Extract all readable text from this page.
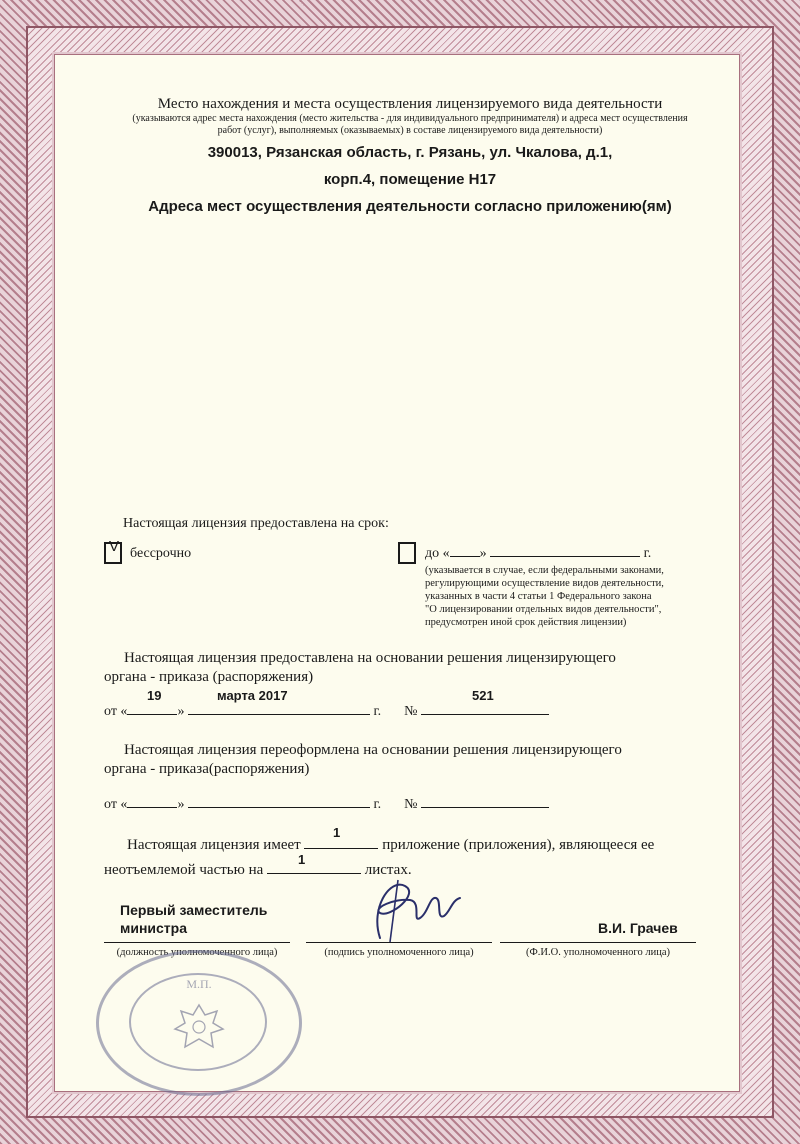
Место нахождения и места осуществления лицензируемого вида деятельности
(указываются адрес места нахождения (место жительства - для индивидуального предпринимателя) и адреса мест осуществления
работ (услуг), выполняемых (оказываемых) в составе лицензируемого вида деятельности)
390013, Рязанская область, г. Рязань, ул. Чкалова, д.1,
корп.4, помещение Н17
Адреса мест осуществления деятельности согласно приложению(ям)
Настоящая лицензия предоставлена на срок:
V бессрочно	до « »	г.
(указывается в случае, если федеральными законами,
регулирующими осуществление видов деятельности,
указанных в части 4 статьи 1 Федерального закона
"О лицензировании отдельных видов деятельности",
предусмотрен иной срок действия лицензии)
Настоящая лицензия предоставлена на основании решения лицензирующего
органа - приказа (распоряжения)
19	марта 2017	521
от «	»	г. №
Настоящая лицензия переоформлена на основании решения лицензирующего
органа - приказа(распоряжения)
от «	»	г. №
1
Настоящая лицензия имеет	приложение (приложения), являющееся ее
1
неотъемлемой частью на	листах.
Первый заместитель
министра	В.И. Грачев
(должность уполномоченного лица)	(подпись уполномоченного лица)	(Ф.И.О. уполномоченного лица)
М.П.
